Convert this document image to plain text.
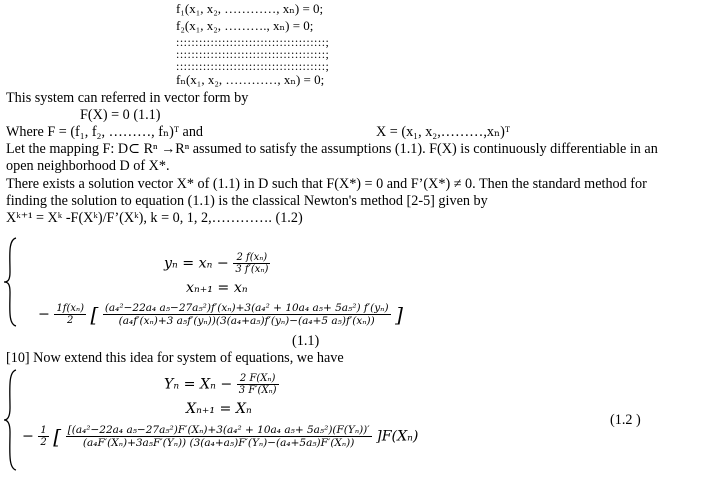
f₁(x₁, x₂, …………, xₙ) = 0;
f₂(x₁, x₂, ………., xₙ) = 0;
:::::::::::::::::::::::::::::::::::::::;
:::::::::::::::::::::::::::::::::::::::;
:::::::::::::::::::::::::::::::::::::::;
fₙ(x₁, x₂, …………, xₙ) = 0;
This system can referred in vector form by
F(X) = 0 (1.1)
Where F = (f₁, f₂, ………, fₙ)ᵀ and	X = (x₁, x₂,………,xₙ)ᵀ
Let the mapping F: D⊂ Rⁿ →Rⁿ assumed to satisfy the assumptions (1.1). F(X) is continuously differentiable in an
open neighborhood D of X*.
There exists a solution vector X* of (1.1) in D such that F(X*) = 0 and F’(X*) ≠ 0. Then the standard method for
finding the solution to equation (1.1) is the classical Newton's method [2-5] given by
Xᵏ⁺¹ = Xᵏ -F(Xᵏ)/F’(Xᵏ), k = 0, 1, 2,…………. (1.2)
$y_n = x_n - \frac{\text{2 f(xₙ)}}{\text{3 f′(xₙ)}}$
xₙ₊₁ = xₙ
− $\frac{\text{1f(xₙ)}}{2}$ [ $\frac{\text{(a₄²−22a₄ a₅−27a₅²)f′(xₙ)+3(a₄² + 10a₄ a₅+ 5a₅²) f′(yₙ)}}{\text{(a₄f′(xₙ)+3 a₅f′(yₙ))(3(a₄+a₅)f′(yₙ)−(a₄+5 a₅)f′(xₙ))}}$ ]
(1.1)
[10] Now extend this idea for system of equations, we have
$Y_n = X_n - \frac{\text{2 F(Xₙ)}}{\text{3 F′(Xₙ)}}$
Xₙ₊₁ = Xₙ
− $\frac{1}{2}$ [ $\frac{\text{[(a₄²−22a₄ a₅−27a₅²)F′(Xₙ)+3(a₄² + 10a₄ a₅+ 5a₅²)(F(Yₙ))′}}{\text{(a₄F′(Xₙ)+3a₅F′(Yₙ)) (3(a₄+a₅)F′(Yₙ)−(a₄+5a₅)F′(Xₙ))}} ]F(X_n)$
(1.2 )
